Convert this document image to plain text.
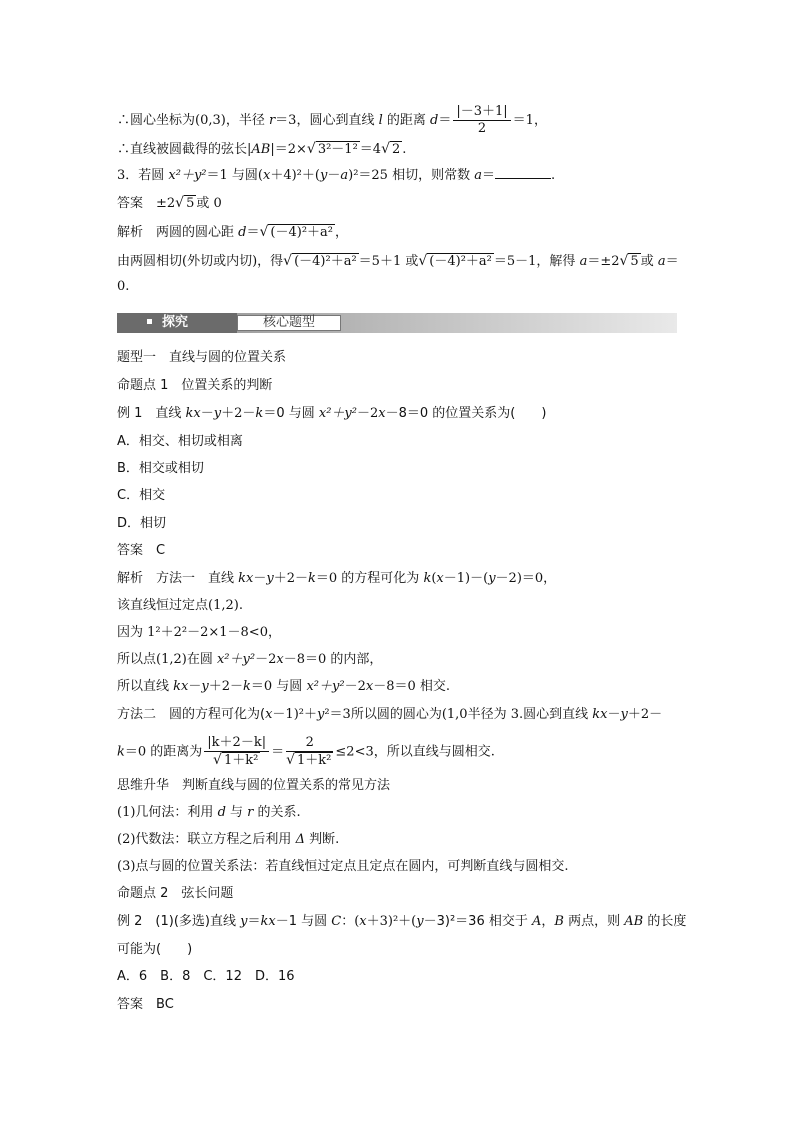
∴圆心坐标为(0,3)，半径 r＝3，圆心到直线 l 的距离 $d= \frac{|-3+1|}{2} =1$，
∴直线被圆截得的弦长|AB|＝2×√ 3²－1² ＝4√ 2 .
3．若圆 x²＋y²＝1 与圆(x＋4)²＋(y－a)²＝25 相切，则常数 a＝	.
答案　±2√ 5 或 0
解析　两圆的圆心距 d＝√ (－4)²＋a² ，
由两圆相切(外切或内切)，得√ (－4)²＋a² ＝5＋1 或√ (－4)²＋a² ＝5－1，解得 a＝±2√ 5 或 a＝
0.
探究	核心题型
题型一　直线与圆的位置关系
命题点 1　位置关系的判断
例 1　直线 kx－y＋2－k＝0 与圆 x²＋y²－2x－8＝0 的位置关系为(　　)
A．相交、相切或相离
B．相交或相切
C．相交
D．相切
答案　C
解析　方法一　直线 kx－y＋2－k＝0 的方程可化为 k(x－1)－(y－2)＝0，
该直线恒过定点(1,2).
因为 1²＋2²－2×1－8<0，
所以点(1,2)在圆 x²＋y²－2x－8＝0 的内部，
所以直线 kx－y＋2－k＝0 与圆 x²＋y²－2x－8＝0 相交.
方法二　圆的方程可化为(x－1)²＋y²＝3所以圆的圆心为(1,0半径为 3.圆心到直线 kx－y＋2－
k＝0 的距离为 $\frac{|k+2-k|}{\text{√ 1＋k²}} = \frac{2}{\text{√ 1＋k²}} \le 2<3$，所以直线与圆相交.
思维升华　判断直线与圆的位置关系的常见方法
(1)几何法：利用 d 与 r 的关系.
(2)代数法：联立方程之后利用 Δ 判断.
(3)点与圆的位置关系法：若直线恒过定点且定点在圆内，可判断直线与圆相交.
命题点 2　弦长问题
例 2　(1)(多选)直线 y＝kx－1 与圆 C：(x＋3)²＋(y－3)²＝36 相交于 A，B 两点，则 AB 的长度
可能为(　　)
A．6　B．8　C．12　D．16
答案　BC
